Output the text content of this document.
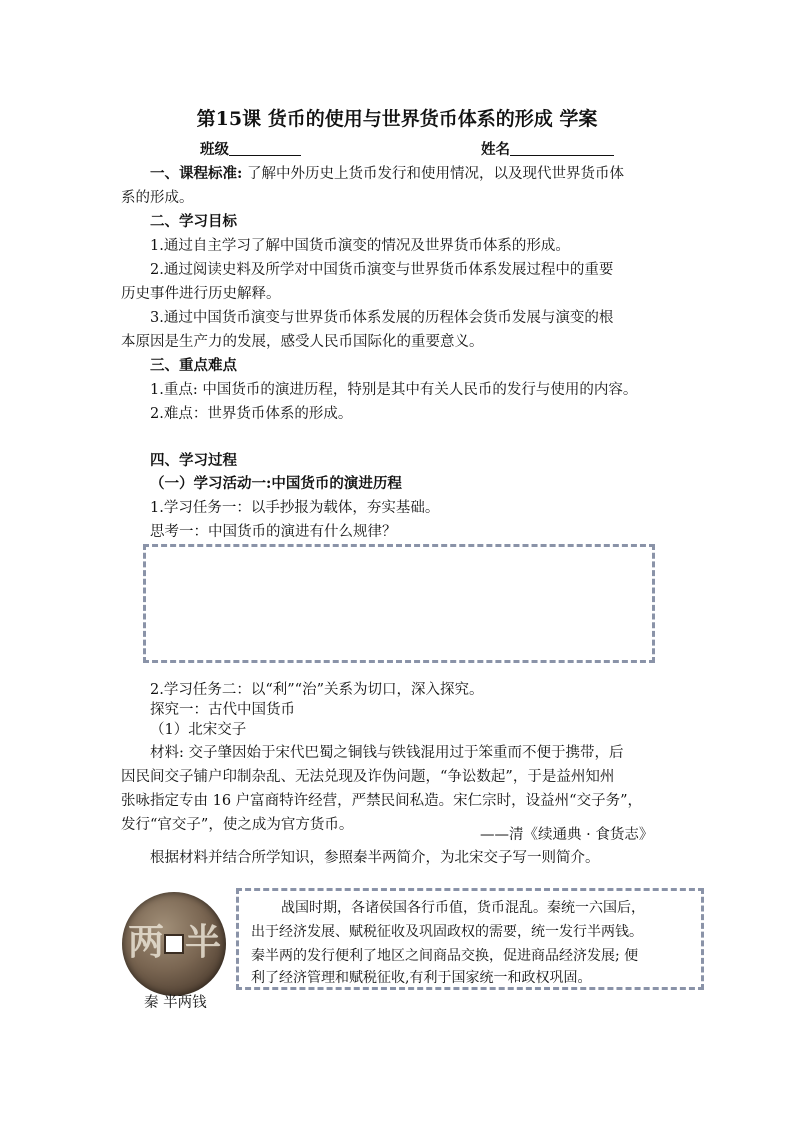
第15课 货币的使用与世界货币体系的形成 学案
班级	姓名
一、课程标准: 了解中外历史上货币发行和使用情况，以及现代世界货币体
系的形成。
二、学习目标
1.通过自主学习了解中国货币演变的情况及世界货币体系的形成。
2.通过阅读史料及所学对中国货币演变与世界货币体系发展过程中的重要
历史事件进行历史解释。
3.通过中国货币演变与世界货币体系发展的历程体会货币发展与演变的根
本原因是生产力的发展，感受人民币国际化的重要意义。
三、重点难点
1.重点: 中国货币的演进历程，特别是其中有关人民币的发行与使用的内容。
2.难点：世界货币体系的形成。
四、学习过程
（一）学习活动一:中国货币的演进历程
1.学习任务一：以手抄报为载体，夯实基础。
思考一：中国货币的演进有什么规律？
2.学习任务二：以“利”“治”关系为切口，深入探究。
探究一：古代中国货币
（1）北宋交子
材料: 交子肇因始于宋代巴蜀之铜钱与铁钱混用过于笨重而不便于携带，后
因民间交子铺户印制杂乱、无法兑现及诈伪问题，“争讼数起”，于是益州知州
张咏指定专由 16 户富商特许经营，严禁民间私造。宋仁宗时，设益州“交子务”，
发行“官交子”，使之成为官方货币。
——清《续通典 · 食货志》
根据材料并结合所学知识，参照秦半两简介，为北宋交子写一则简介。
两 半
秦 半两钱
战国时期，各诸侯国各行币值，货币混乱。秦统一六国后，
出于经济发展、赋税征收及巩固政权的需要，统一发行半两钱。
秦半两的发行便利了地区之间商品交换，促进商品经济发展; 便
利了经济管理和赋税征收,有利于国家统一和政权巩固。
